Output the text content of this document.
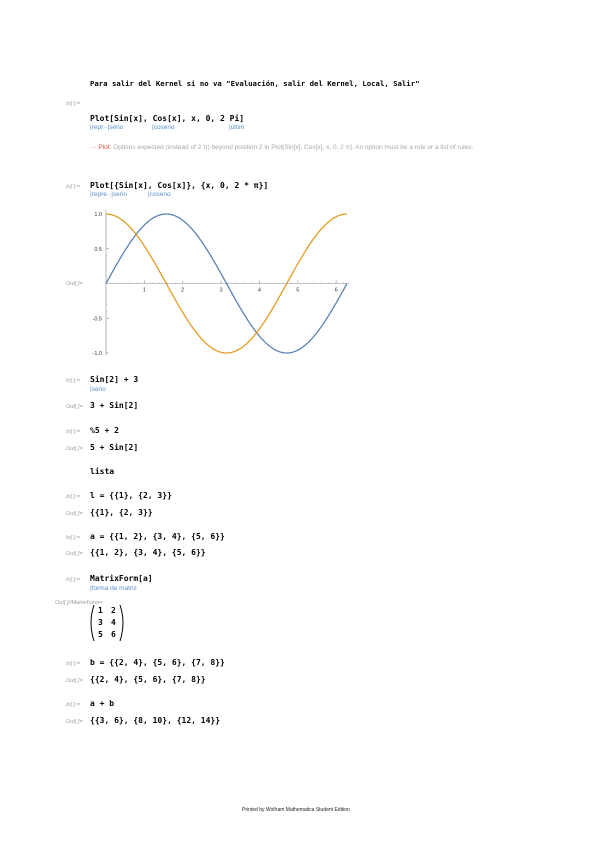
Para salir del Kernel si no va "Evaluación, salir del Kernel, Local, Salir"
In[ ]:=
Plot[Sin[x], Cos[x], x, 0, 2 Pi]
|repr··|seno	|coseno	|últim
··· Plot: Options expected (instead of 2 π) beyond position 2 in Plot[Sin[x], Cos[x], x, 0, 2 π]. An option must be a rule or a list of rules.
In[ ]:= Plot[{Sin[x], Cos[x]}, {x, 0, 2 * π}]
|repre··|seno	|coseno
Out[ ]=
1	2	3	4	5	6
1.0
0.5
-0.5
-1.0
In[ ]:= Sin[2] + 3
|seno
Out[ ]= 3 + Sin[2]
In[ ]:= %5 + 2
Out[ ]= 5 + Sin[2]
lista
In[ ]:= l = {{1}, {2, 3}}
Out[ ]= {{1}, {2, 3}}
In[ ]:= a = {{1, 2}, {3, 4}, {5, 6}}
Out[ ]= {{1, 2}, {3, 4}, {5, 6}}
In[ ]:= MatrixForm[a]
|forma de matriz
Out[ ]//MatrixForm=
1 2
3 4
5 6
In[ ]:= b = {{2, 4}, {5, 6}, {7, 8}}
Out[ ]= {{2, 4}, {5, 6}, {7, 8}}
In[ ]:= a + b
Out[ ]= {{3, 6}, {8, 10}, {12, 14}}
Printed by Wolfram Mathematica Student Edition
